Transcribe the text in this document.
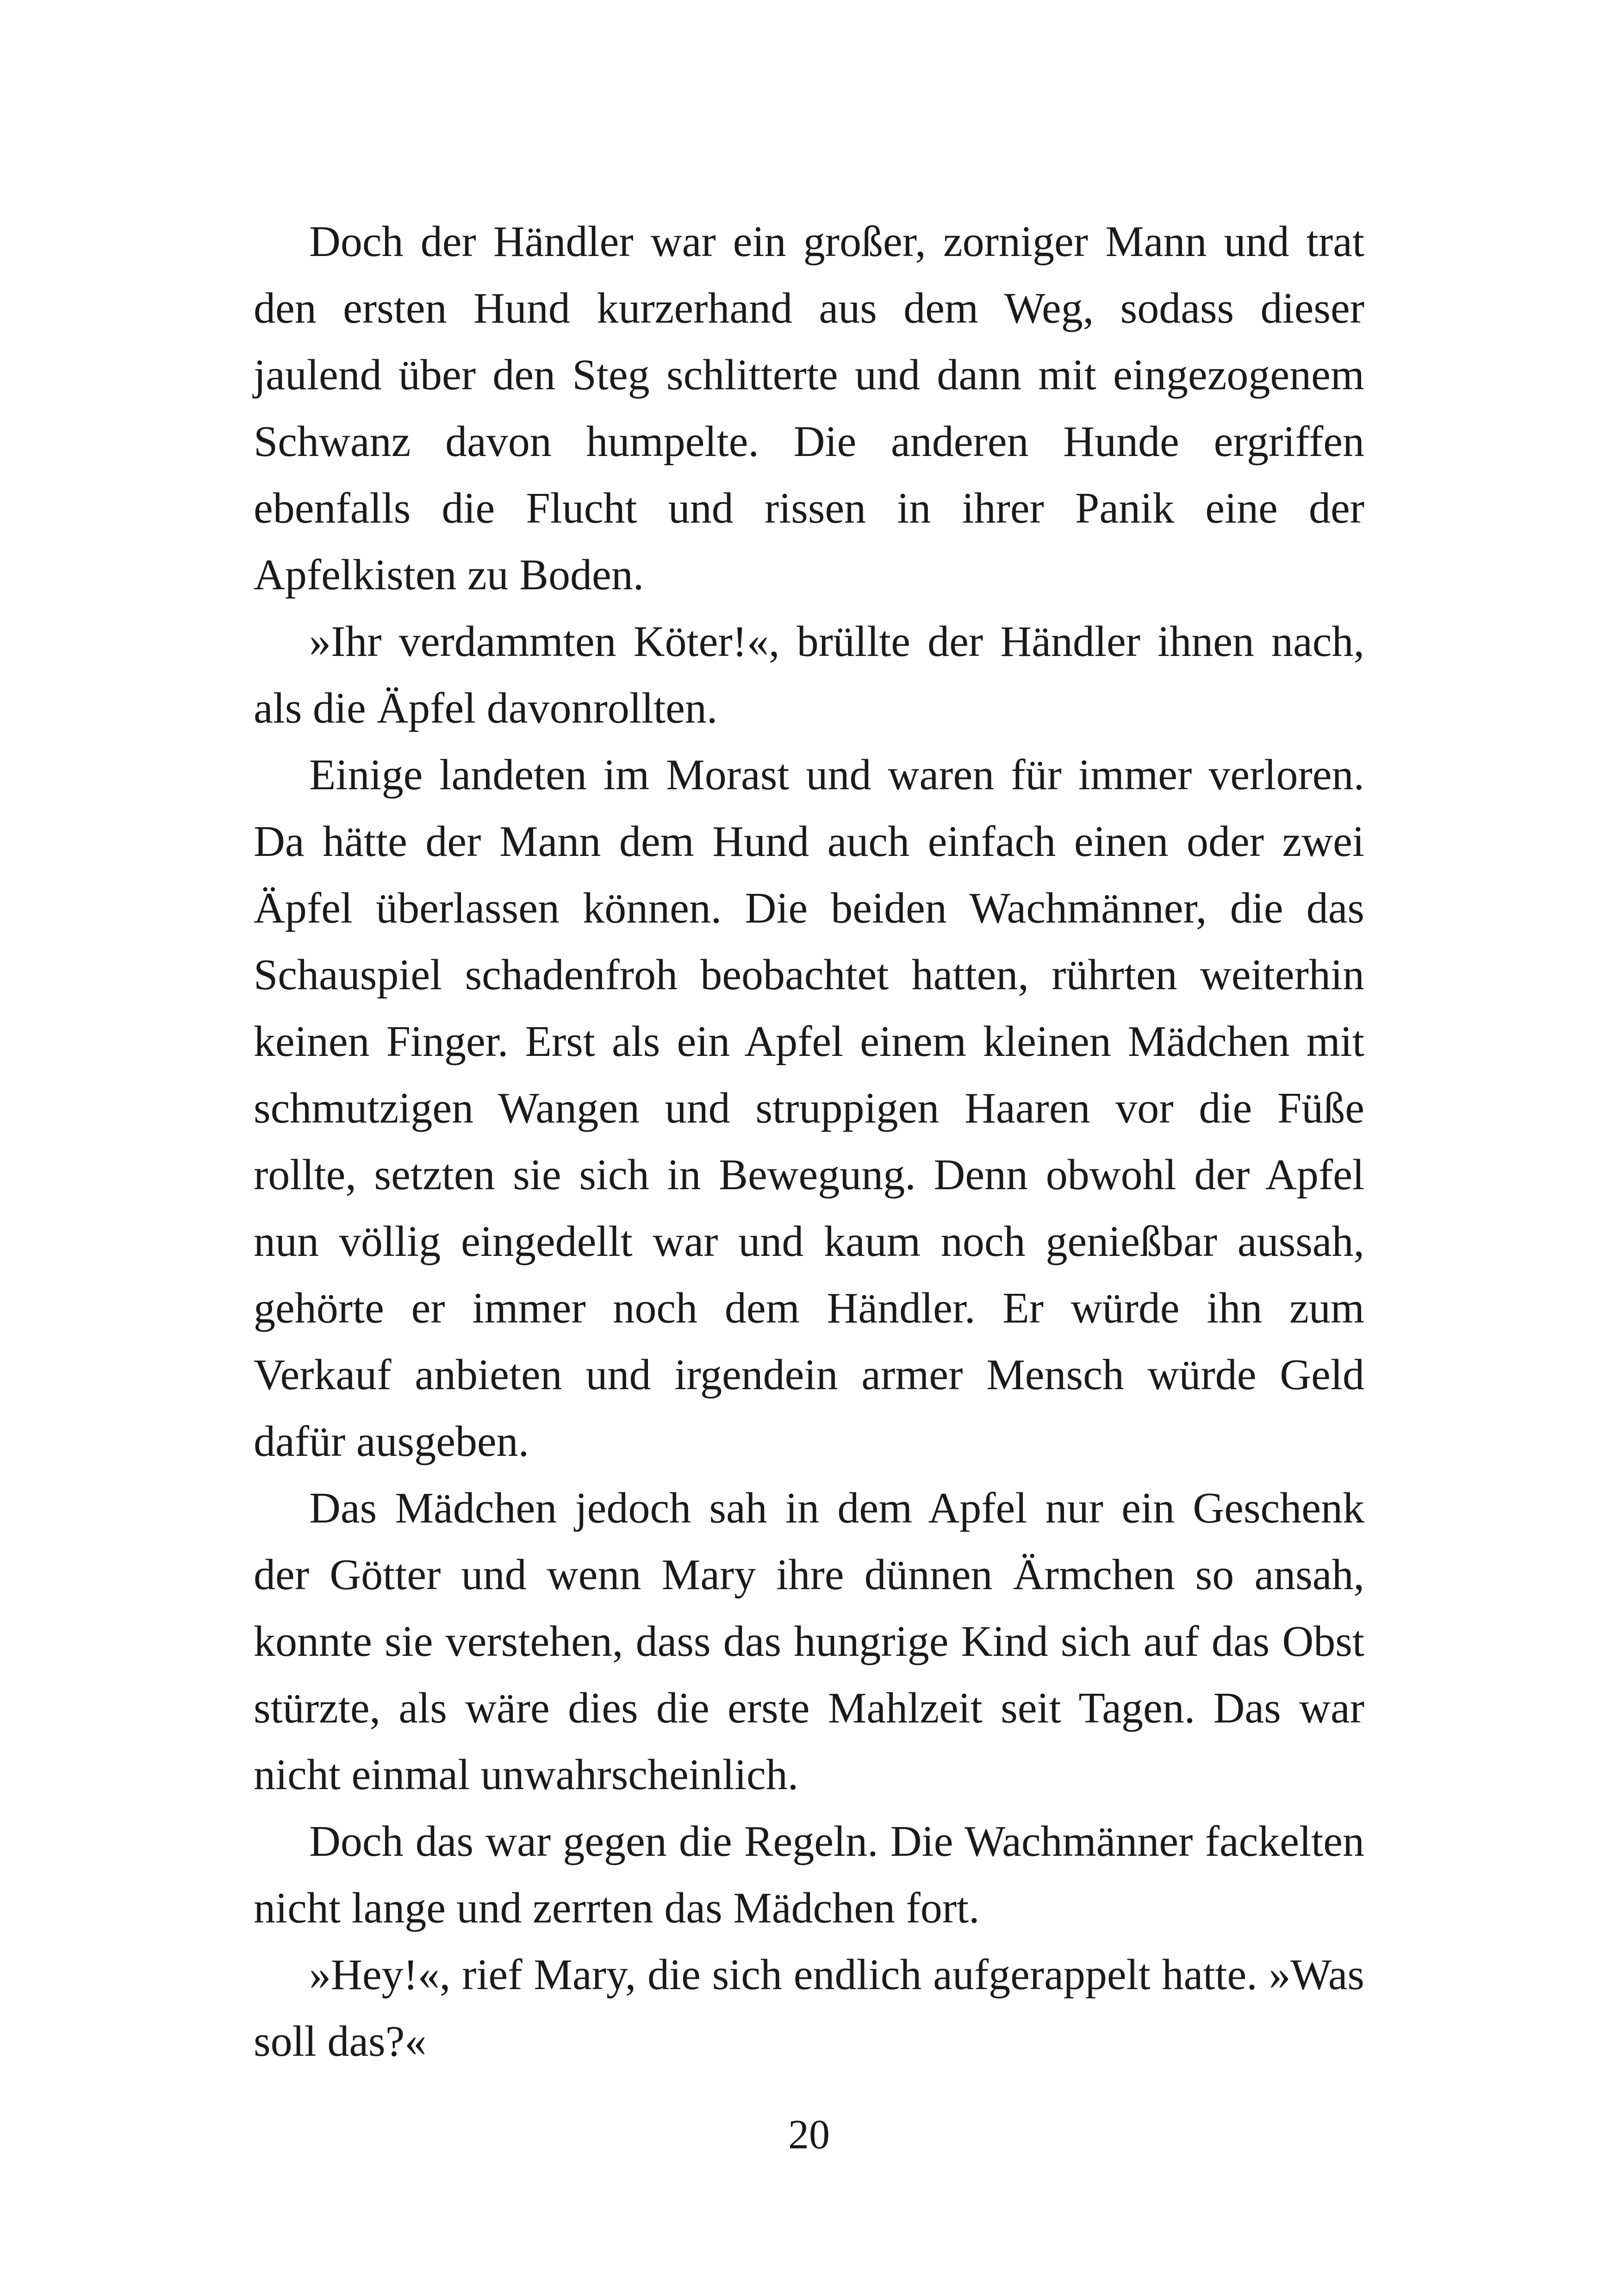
Doch der Händler war ein großer, zorniger Mann und trat den ersten Hund kurzerhand aus dem Weg, sodass dieser jaulend über den Steg schlitterte und dann mit eingezogenem Schwanz davon humpelte. Die anderen Hunde ergriffen ebenfalls die Flucht und rissen in ihrer Panik eine der Apfelkisten zu Boden.

»Ihr verdammten Köter!«, brüllte der Händler ihnen nach, als die Äpfel davonrollten.

Einige landeten im Morast und waren für immer verloren. Da hätte der Mann dem Hund auch einfach einen oder zwei Äpfel überlassen können. Die beiden Wachmänner, die das Schauspiel schadenfroh beobachtet hatten, rührten weiterhin keinen Finger. Erst als ein Apfel einem kleinen Mädchen mit schmutzigen Wangen und struppigen Haaren vor die Füße rollte, setzten sie sich in Bewegung. Denn obwohl der Apfel nun völlig eingedellt war und kaum noch genießbar aussah, gehörte er immer noch dem Händler. Er würde ihn zum Verkauf anbieten und irgendein armer Mensch würde Geld dafür ausgeben.

Das Mädchen jedoch sah in dem Apfel nur ein Geschenk der Götter und wenn Mary ihre dünnen Ärmchen so ansah, konnte sie verstehen, dass das hungrige Kind sich auf das Obst stürzte, als wäre dies die erste Mahlzeit seit Tagen. Das war nicht einmal unwahrscheinlich.

Doch das war gegen die Regeln. Die Wachmänner fackelten nicht lange und zerrten das Mädchen fort.

»Hey!«, rief Mary, die sich endlich aufgerappelt hatte. »Was soll das?«

20
